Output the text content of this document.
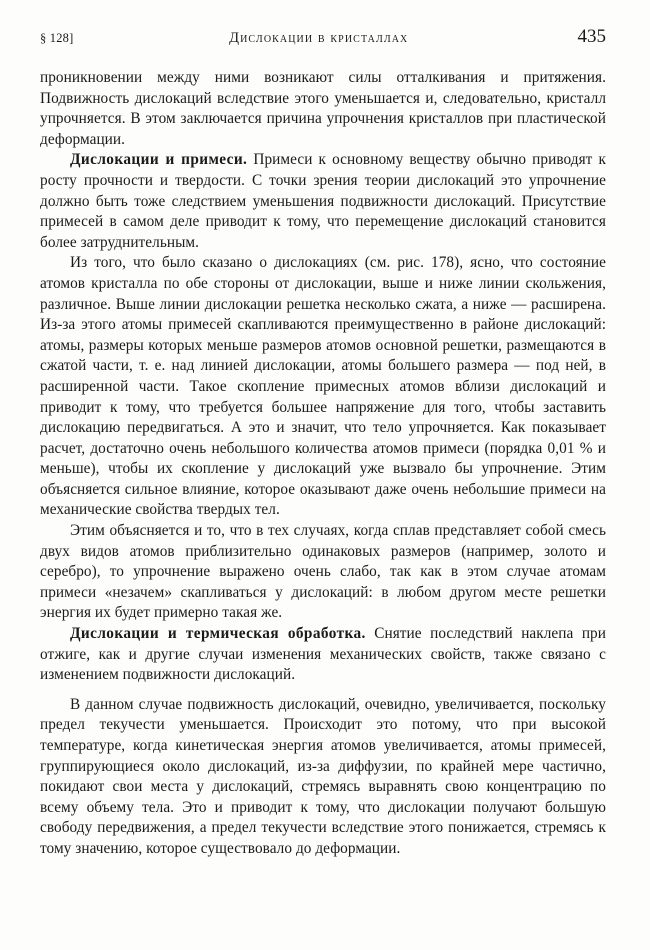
§ 128]	дислокации в кристаллах	435

проникновении между ними возникают силы отталкивания и притяжения. Подвижность дислокаций вследствие этого уменьшается и, следовательно, кристалл упрочняется. В этом заключается причина упрочнения кристаллов при пластической деформации.

Дислокации и примеси. Примеси к основному веществу обычно приводят к росту прочности и твердости. С точки зрения теории дислокаций это упрочнение должно быть тоже следствием уменьшения подвижности дислокаций. Присутствие примесей в самом деле приводит к тому, что перемещение дислокаций становится более затруднительным.

Из того, что было сказано о дислокациях (см. рис. 178), ясно, что состояние атомов кристалла по обе стороны от дислокации, выше и ниже линии скольжения, различное. Выше линии дислокации решетка несколько сжата, а ниже — расширена. Из-за этого атомы примесей скапливаются преимущественно в районе дислокаций: атомы, размеры которых меньше размеров атомов основной решетки, размещаются в сжатой части, т. е. над линией дислокации, атомы большего размера — под ней, в расширенной части. Такое скопление примесных атомов вблизи дислокаций и приводит к тому, что требуется большее напряжение для того, чтобы заставить дислокацию передвигаться. А это и значит, что тело упрочняется. Как показывает расчет, достаточно очень небольшого количества атомов примеси (порядка 0,01 % и меньше), чтобы их скопление у дислокаций уже вызвало бы упрочнение. Этим объясняется сильное влияние, которое оказывают даже очень небольшие примеси на механические свойства твердых тел.

Этим объясняется и то, что в тех случаях, когда сплав представляет собой смесь двух видов атомов приблизительно одинаковых размеров (например, золото и серебро), то упрочнение выражено очень слабо, так как в этом случае атомам примеси «незачем» скапливаться у дислокаций: в любом другом месте решетки энергия их будет примерно такая же.

Дислокации и термическая обработка. Снятие последствий наклепа при отжиге, как и другие случаи изменения механических свойств, также связано с изменением подвижности дислокаций.

В данном случае подвижность дислокаций, очевидно, увеличивается, поскольку предел текучести уменьшается. Происходит это потому, что при высокой температуре, когда кинетическая энергия атомов увеличивается, атомы примесей, группирующиеся около дислокаций, из-за диффузии, по крайней мере частично, покидают свои места у дислокаций, стремясь выравнять свою концентрацию по всему объему тела. Это и приводит к тому, что дислокации получают большую свободу передвижения, а предел текучести вследствие этого понижается, стремясь к тому значению, которое существовало до деформации.
